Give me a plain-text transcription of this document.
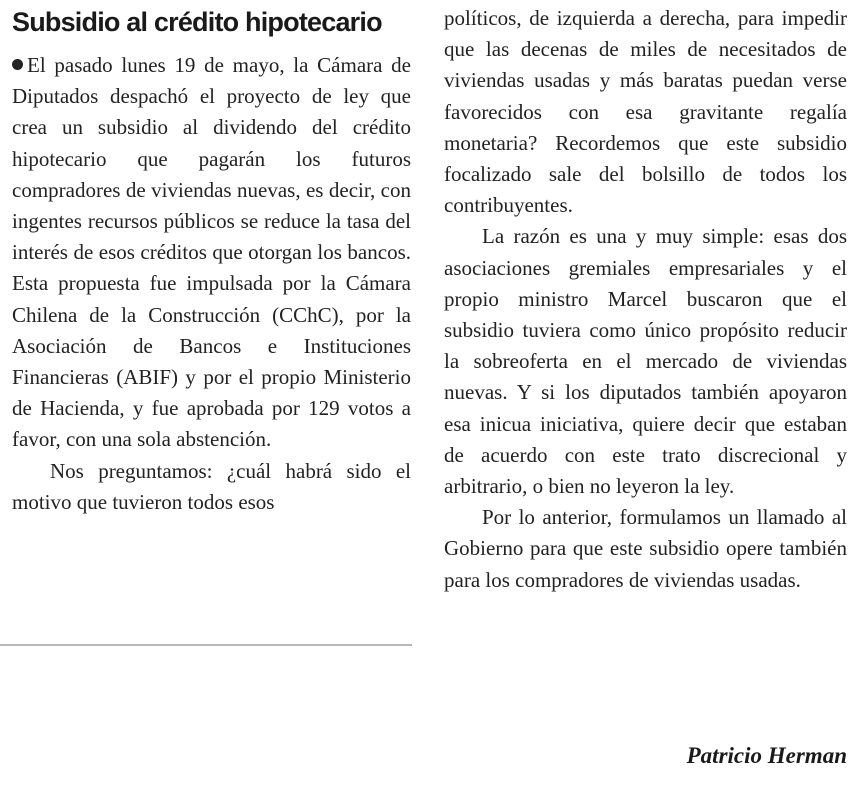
Subsidio al crédito hipotecario

El pasado lunes 19 de mayo, la Cámara de Diputados despachó el proyecto de ley que crea un subsidio al dividendo del crédito hipotecario que pagarán los futuros compradores de viviendas nuevas, es decir, con ingentes recursos públicos se reduce la tasa del interés de esos créditos que otorgan los bancos. Esta propuesta fue impulsada por la Cámara Chilena de la Construcción (CChC), por la Asociación de Bancos e Instituciones Financieras (ABIF) y por el propio Ministerio de Hacienda, y fue aprobada por 129 votos a favor, con una sola abstención.

Nos preguntamos: ¿cuál habrá sido el motivo que tuvieron todos esos

políticos, de izquierda a derecha, para impedir que las decenas de miles de necesitados de viviendas usadas y más baratas puedan verse favorecidos con esa gravitante regalía monetaria? Recordemos que este subsidio focalizado sale del bolsillo de todos los contribuyentes.

La razón es una y muy simple: esas dos asociaciones gremiales empresariales y el propio ministro Marcel buscaron que el subsidio tuviera como único propósito reducir la sobreoferta en el mercado de viviendas nuevas. Y si los diputados también apoyaron esa inicua iniciativa, quiere decir que estaban de acuerdo con este trato discrecional y arbitrario, o bien no leyeron la ley.

Por lo anterior, formulamos un llamado al Gobierno para que este subsidio opere también para los compradores de viviendas usadas.

Patricio Herman
